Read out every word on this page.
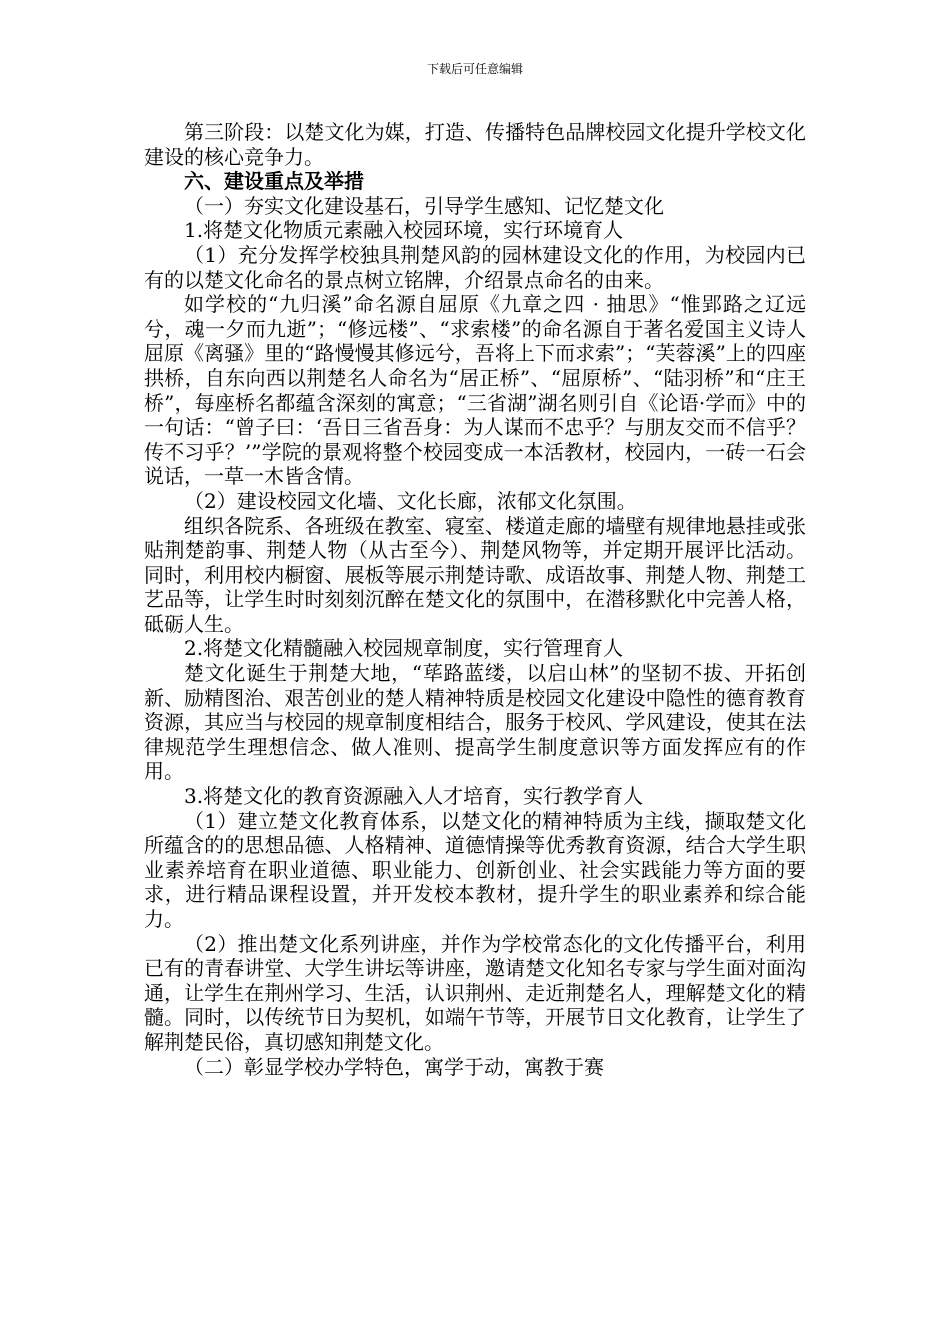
下载后可任意编辑

第三阶段：以楚文化为媒，打造、传播特色品牌校园文化提升学校文化建设的核心竞争力。

六、建设重点及举措

（一）夯实文化建设基石，引导学生感知、记忆楚文化

1.将楚文化物质元素融入校园环境，实行环境育人

（1）充分发挥学校独具荆楚风韵的园林建设文化的作用，为校园内已有的以楚文化命名的景点树立铭牌，介绍景点命名的由来。

如学校的“九归溪”命名源自屈原《九章之四 · 抽思》“惟郢路之辽远兮，魂一夕而九逝”；“修远楼”、“求索楼”的命名源自于著名爱国主义诗人屈原《离骚》里的“路慢慢其修远兮，吾将上下而求索”；“芙蓉溪”上的四座拱桥，自东向西以荆楚名人命名为“居正桥”、“屈原桥”、“陆羽桥”和“庄王桥”，每座桥名都蕴含深刻的寓意；“三省湖”湖名则引自《论语·学而》中的一句话：“曾子曰：‘吾日三省吾身：为人谋而不忠乎？与朋友交而不信乎？传不习乎？’”学院的景观将整个校园变成一本活教材，校园内，一砖一石会说话，一草一木皆含情。

（2）建设校园文化墙、文化长廊，浓郁文化氛围。

组织各院系、各班级在教室、寝室、楼道走廊的墙壁有规律地悬挂或张贴荆楚韵事、荆楚人物（从古至今）、荆楚风物等，并定期开展评比活动。同时，利用校内橱窗、展板等展示荆楚诗歌、成语故事、荆楚人物、荆楚工艺品等，让学生时时刻刻沉醉在楚文化的氛围中，在潜移默化中完善人格，砥砺人生。

2.将楚文化精髓融入校园规章制度，实行管理育人

楚文化诞生于荆楚大地，“荜路蓝缕，以启山林”的坚韧不拔、开拓创新、励精图治、艰苦创业的楚人精神特质是校园文化建设中隐性的德育教育资源，其应当与校园的规章制度相结合，服务于校风、学风建设，使其在法律规范学生理想信念、做人准则、提高学生制度意识等方面发挥应有的作用。

3.将楚文化的教育资源融入人才培育，实行教学育人

（1）建立楚文化教育体系，以楚文化的精神特质为主线，撷取楚文化所蕴含的的思想品德、人格精神、道德情操等优秀教育资源，结合大学生职业素养培育在职业道德、职业能力、创新创业、社会实践能力等方面的要求，进行精品课程设置，并开发校本教材，提升学生的职业素养和综合能力。

（2）推出楚文化系列讲座，并作为学校常态化的文化传播平台，利用已有的青春讲堂、大学生讲坛等讲座，邀请楚文化知名专家与学生面对面沟通，让学生在荆州学习、生活，认识荆州、走近荆楚名人，理解楚文化的精髓。同时，以传统节日为契机，如端午节等，开展节日文化教育，让学生了解荆楚民俗，真切感知荆楚文化。

（二）彰显学校办学特色，寓学于动，寓教于赛
